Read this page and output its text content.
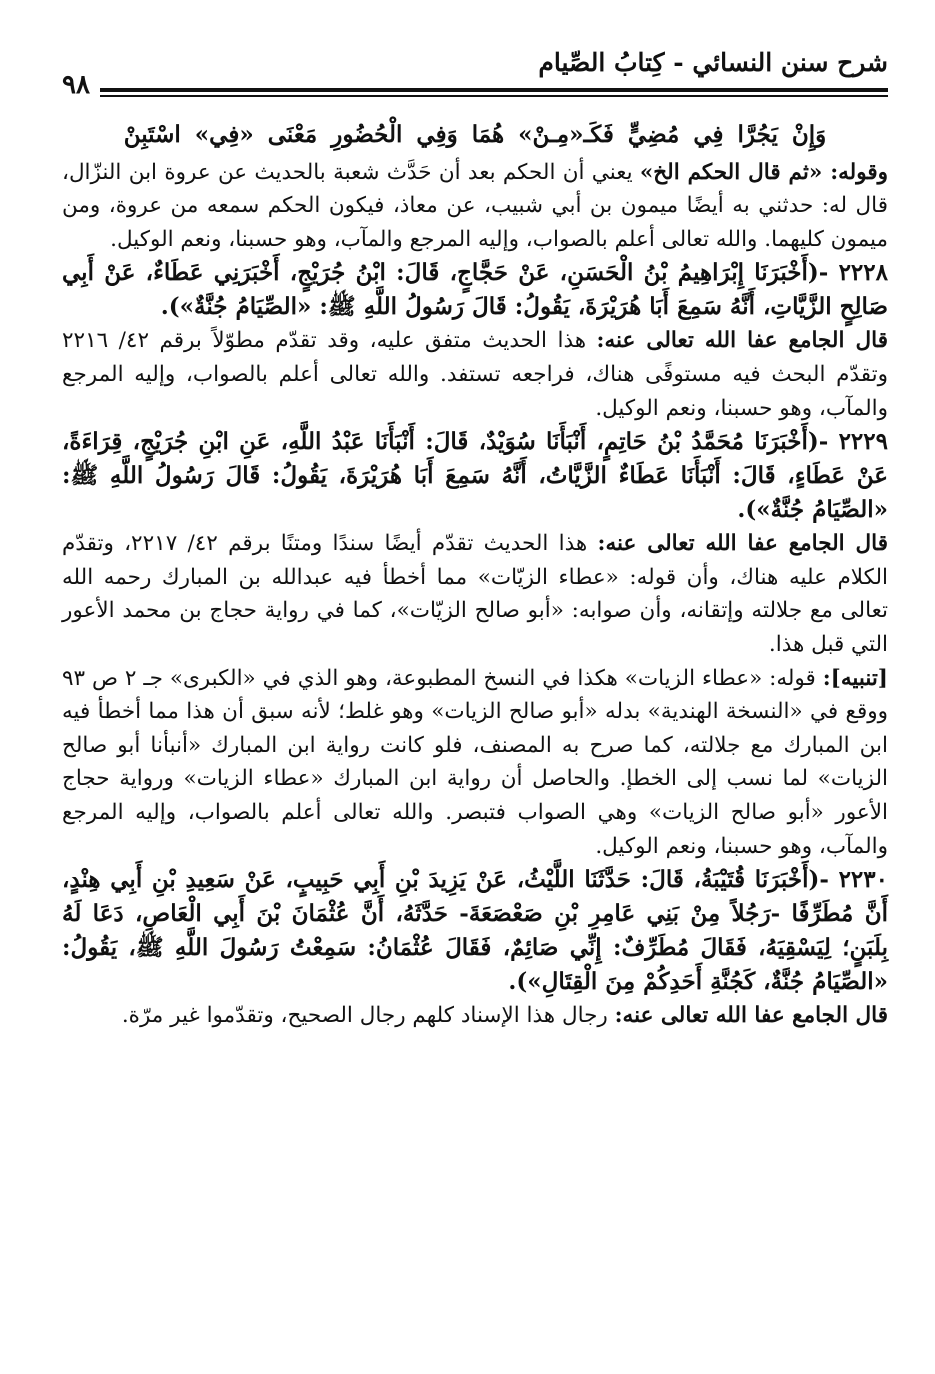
شرح سنن النسائي - كِتابُ الصِّيام
٩٨

وَإِنْ يَجُرَّا فِي مُضِيٍّ فَكَـ«مِـنْ» هُمَا وَفِي الْحُضُورِ مَعْنَى «فِي» اسْتَبِنْ

وقوله: «ثم قال الحكم الخ» يعني أن الحكم بعد أن حَدَّث شعبة بالحديث عن عروة ابن النزّال، قال له: حدثني به أيضًا ميمون بن أبي شبيب، عن معاذ، فيكون الحكم سمعه من عروة، ومن ميمون كليهما. والله تعالى أعلم بالصواب، وإليه المرجع والمآب، وهو حسبنا، ونعم الوكيل.

٢٢٢٨ -(أَخْبَرَنَا إِبْرَاهِيمُ بْنُ الْحَسَنِ، عَنْ حَجَّاجٍ، قَالَ: ابْنُ جُرَيْجٍ، أَخْبَرَنِي عَطَاءٌ، عَنْ أَبِي صَالِحٍ الزَّيَّاتِ، أَنَّهُ سَمِعَ أَبَا هُرَيْرَةَ، يَقُولُ: قَالَ رَسُولُ اللَّهِ ﷺ: «الصِّيَامُ جُنَّةٌ»).

قال الجامع عفا الله تعالى عنه: هذا الحديث متفق عليه، وقد تقدّم مطوّلاً برقم ٤٢/ ٢٢١٦ وتقدّم البحث فيه مستوفًى هناك، فراجعه تستفد. والله تعالى أعلم بالصواب، وإليه المرجع والمآب، وهو حسبنا، ونعم الوكيل.

٢٢٢٩ -(أَخْبَرَنَا مُحَمَّدُ بْنُ حَاتِمٍ، أَنْبَأَنَا سُوَيْدٌ، قَالَ: أَنْبَأَنَا عَبْدُ اللَّهِ، عَنِ ابْنِ جُرَيْجٍ، قِرَاءَةً، عَنْ عَطَاءٍ، قَالَ: أَنْبَأَنَا عَطَاءٌ الزَّيَّاتُ، أَنَّهُ سَمِعَ أَبَا هُرَيْرَةَ، يَقُولُ: قَالَ رَسُولُ اللَّهِ ﷺ: «الصِّيَامُ جُنَّةٌ»).

قال الجامع عفا الله تعالى عنه: هذا الحديث تقدّم أيضًا سندًا ومتنًا برقم ٤٢/ ٢٢١٧، وتقدّم الكلام عليه هناك، وأن قوله: «عطاء الزيّات» مما أخطأ فيه عبدالله بن المبارك رحمه الله تعالى مع جلالته وإتقانه، وأن صوابه: «أبو صالح الزيّات»، كما في رواية حجاج بن محمد الأعور التي قبل هذا.

[تنبيه]: قوله: «عطاء الزيات» هكذا في النسخ المطبوعة، وهو الذي في «الكبرى» جـ ٢ ص ٩٣ ووقع في «النسخة الهندية» بدله «أبو صالح الزيات» وهو غلط؛ لأنه سبق أن هذا مما أخطأ فيه ابن المبارك مع جلالته، كما صرح به المصنف، فلو كانت رواية ابن المبارك «أنبأنا أبو صالح الزيات» لما نسب إلى الخطإ. والحاصل أن رواية ابن المبارك «عطاء الزيات» ورواية حجاج الأعور «أبو صالح الزيات» وهي الصواب فتبصر. والله تعالى أعلم بالصواب، وإليه المرجع والمآب، وهو حسبنا، ونعم الوكيل.

٢٢٣٠ -(أَخْبَرَنَا قُتَيْبَةُ، قَالَ: حَدَّثَنَا اللَّيْثُ، عَنْ يَزِيدَ بْنِ أَبِي حَبِيبٍ، عَنْ سَعِيدِ بْنِ أَبِي هِنْدٍ، أَنَّ مُطَرِّفًا -رَجُلاً مِنْ بَنِي عَامِرِ بْنِ صَعْصَعَةَ- حَدَّثَهُ، أَنَّ عُثْمَانَ بْنَ أَبِي الْعَاصِ، دَعَا لَهُ بِلَبَنٍ؛ لِيَسْقِيَهُ، فَقَالَ مُطَرِّفٌ: إِنِّي صَائِمٌ، فَقَالَ عُثْمَانُ: سَمِعْتُ رَسُولَ اللَّهِ ﷺ، يَقُولُ: «الصِّيَامُ جُنَّةٌ، كَجُنَّةِ أَحَدِكُمْ مِنَ الْقِتَالِ»).

قال الجامع عفا الله تعالى عنه: رجال هذا الإسناد كلهم رجال الصحيح، وتقدّموا غير مرّة.
